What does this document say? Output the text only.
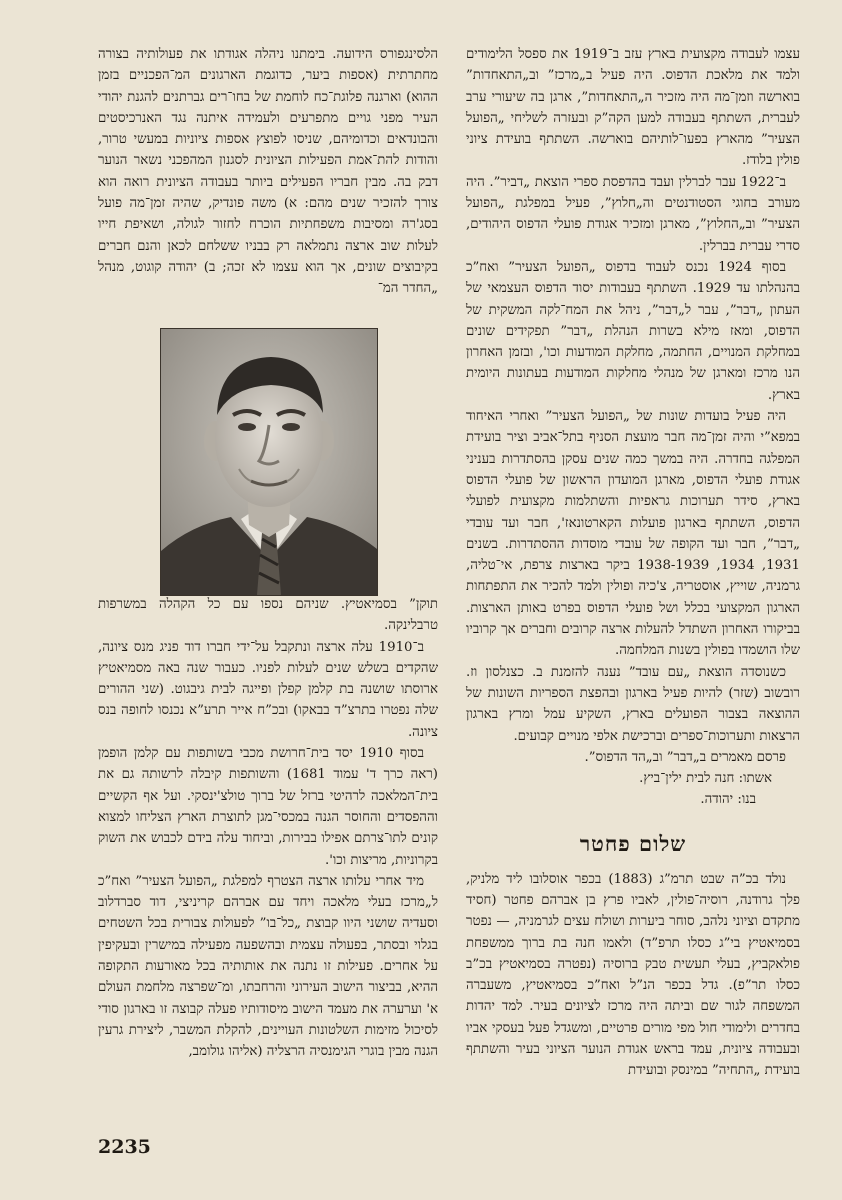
עצמו לעבודה מקצועית בארץ עזב ב־1919 את ספסל הלימודים ולמד את מלאכת הדפוס. היה פעיל ב„מרכז” וב„התאחדות” בוארשה וזמן־מה היה מזכיר ה„התאחדות”, ארגן בה שיעורי ערב לעברית, השתתף בעבודה למען הקה”ק ובעזרה לשליחי „הפועל הצעיר” מהארץ בפעו־לותיהם בוארשה. השתתף בועידת ציוני פולין בלודז.

ב־1922 עבר לברלין ועבד בהדפסת ספרי הוצאת „דביר”. היה מעורב בחוגי הסטודנטים וה„חלוץ”, פעיל במפלגת „הפועל הצעיר” וב„החלוץ”, מארגן ומזכיר אגודת פועלי הדפוס היהודים, סדרי עברית בברלין.

בסוף 1924 נכנס לעבוד בדפוס „הפועל הצעיר” ואח”כ בהנהלתו עד 1929. השתתף בעבודות יסוד הדפוס העצמאי של העתון „דבר”, עבר ל„דבר”, ניהל את המח־לקה המשקית של הדפוס, ומאז מילא בשרות הנהלת „דבר” תפקידים שונים במחלקת המנויים, החתמה, מחלקת המודעות וכו', ובזמן האחרון הנו מרכז ומארגן של מנהלי מחלקות המודעות בעתונות היומית בארץ.

היה פעיל בועדות שונות של „הפועל הצעיר” ואחרי האיחוד במפא”י והיה זמן־מה חבר מועצת הסניף בתל־אביב וציר בועידת המפלגה בחדרה. היה במשך כמה שנים עסקן בהסתדרות בעניני אגודת פועלי הדפוס, מארגן המועדון הראשון של פועלי הדפוס בארץ, סידר תערוכות גראפיות והשתלמות מקצועית לפועלי הדפוס, השתתף בארגון פועלות הקארטונאז', חבר ועד עובדי „דבר”, חבר ועד הקופה של עובדי מוסדות ההסתדרות. בשנים 1931, 1934, 1938-1939 ביקר בארצות צרפת, אי־טליה, גרמניה, שוייץ, אוסטריה, צ'כיה ופולין ולמד להכיר את התפתחות הארגון המקצועי בכלל ושל פועלי הדפוס בפרט באותן הארצות. בביקורו האחרון השתדל להעלות ארצה קרובים וחברים אך קרוביו שלו הושמדו בפולין בשנות המלחמה.

כשנוסדה הוצאת „עם עובד” נענה להזמנת ב. כצנלסון וז. רובשוב (שזר) להיות פעיל בארגון ובהפצת הספריות השונות של ההוצאה בצבור הפועלים בארץ, השקיע עמל ומרץ בארגון הרצאות ותערוכות־ספרים וברכישת אלפי מנויים קבועים.

פרסם מאמרים ב„דבר” וב„הד הדפוס”.

אשתו: חנה לבית ילין־ביץ.

בנו: יהודה.

שלום פחטר

נולד בכ”ה שבט תרמ”ג (1883) בכפר אוסלובו ליד מלניק, פלך גרודנה, רוסיה־פולין, לאביו פרץ בן אברהם פחטר (חסיד מתקדם וציוני נלהב, סוחר ביערות ושולח עצים לגרמניה, — נפטר בסמיאטיץ בי”ג כסלו תרפ”ד) ולאמו חנה בת ברוך ממשפחת פולאקביץ, בעלי תעשית טבק ברוסיה (נפטרה בסמיאטיץ בכ”ב כסלו תר”פ). גדל בכפר הנ”ל ואח”כ בסמיאטיץ, משעברה המשפחה לגור שם וביתה היה מרכז לציונים בעיר. למד יהדות בחדרים ולימודי חול מפי מורים פרטיים, ומשגדל פעל בעסקי אביו ובעבודה ציונית, עמד בראש אגודת הנוער הציוני בעיר והשתתף בועידת „התחיה” במינסק ובועידת

הלסינגפורס הידועה. בימתנו ניהלה אגודתו את פעולותיה בצורה מחתרתית (אספות ביער, כדוגמת הארגונים המ־הפכניים בזמן ההוא) וארגנה פלוגת־כח לוחמת של בחו־רים גברתנים להגנת יהודי העיר מפני גויים מתפרעים ולעמידה איתנה נגד האנרכיסטים והבונדאים וכדומיהם, שניסו לפוצץ אספות ציוניות במעשי טרור, והודות להת־אמת הפעילות הציונית לסגנון המהפכני נשאר הנוער דבק בה. מבין חבריו הפעילים ביותר בעבודה הציונית רואה הוא צורך להזכיר שנים מהם: א) משה פונדיק, שהיה זמן־מה פועל בסג'רה ומסיבות משפחתיות הוכרח לחזור לגולה, ושאיפת חייו לעלות שוב ארצה נתמלאה רק בבניו ששלחם לכאן והנם חברים בקיבוצים שונים, אך הוא עצמו לא זכה; ב) יהודה קוגוט, מנהל „החדר המ־

תוקן” בסמיאטיץ. שניהם נספו עם כל הקהלה במשרפות טרבלינקה.

ב־1910 עלה ארצה ונתקבל על־ידי חברו דוד פניג מנס ציונה, שהקדים בשלש שנים לעלות לפניו. כעבור שנה באה מסמיאטיץ ארוסתו שושנה בת קלמן קפלן ופייגה לבית גיבגוט. (שני ההורים שלה נפטרו בתרצ”ד בבאקו) ובכ”ח אייר תרע”א נכנסו לחופה בנס ציונה.

בסוף 1910 יסד בית־חרושת מכבי בשותפות עם קלמן הופמן (ראה כרך ד' עמוד 1681) והשותפות קיבלה לרשותה גם את בית־המלאכה לרהיטי ברזל של ברוך טולצ'ינסקי. ועל אף הקשיים וההפסדים והחוסר הגנה במכסי־מגן לתוצרת הארץ הצליחו למצוא קונים לתו־צרתם אפילו בבירות, וביחוד עלה בידם לכבוש את השוק בקרוניות, מריצות וכו'.

מיד אחרי עלותו ארצה הצטרף למפלגת „הפועל הצעיר” ואח”כ ל„מרכז בעלי מלאכה ויחד עם אברהם קריניצי, דוד סברדלוב וסעדיה שושני היוו קבוצת „כל־בו” לפעולות צבורית בכל השטחים בגלוי ובסתר, בפעולה עצמית ובהשפעה מפעילה במישרין ובעקיפין על אחרים. פעילות זו נתנה את אותותיה בכל מאורעות התקופה ההיא, בביצור הישוב העירוני והרחבתו, ומ־שפרצה מלחמת העולם א' וערערה את מעמד הישוב מיסודותיו פעלה קבוצה זו בארגון סודי לסיכול מזימות השלטונות העויינים, להקלת המשבר, ליצירת גרעין הגנה מבין בוגרי הגימנסיה הרצליה (אליהו גולומב,

2235
